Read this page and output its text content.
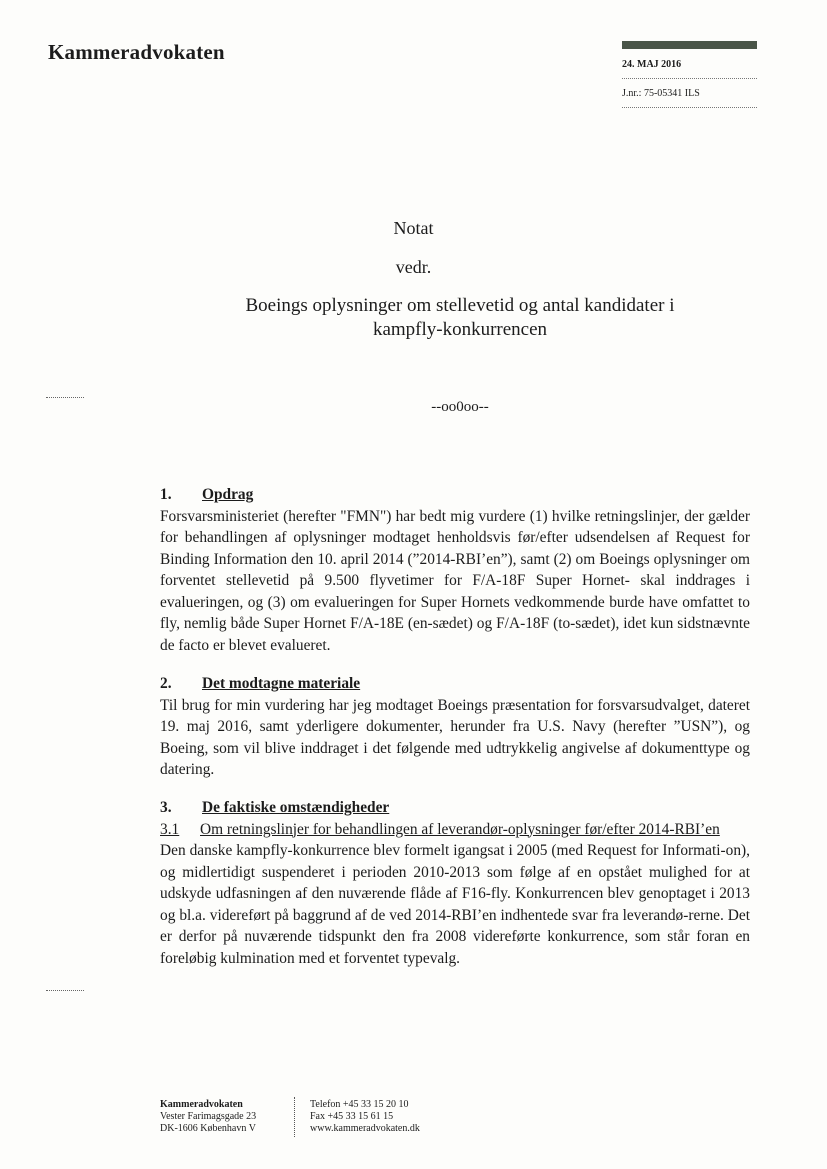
Kammeradvokaten
24. MAJ 2016
J.nr.: 75-05341 ILS
Notat
vedr.
Boeings oplysninger om stellevetid og antal kandidater i
kampfly-konkurrencen
--oo0oo--
1.	Opdrag

Forsvarsministeriet (herefter "FMN") har bedt mig vurdere (1) hvilke retningslinjer, der gælder for behandlingen af oplysninger modtaget henholdsvis før/efter udsendelsen af Request for Binding Information den 10. april 2014 (”2014-RBI’en”), samt (2) om Boeings oplysninger om forventet stellevetid på 9.500 flyvetimer for F/A-18F Super Hornet- skal inddrages i evalueringen, og (3) om evalueringen for Super Hornets vedkommende burde have omfattet to fly, nemlig både Super Hornet F/A-18E (en-sædet) og F/A-18F (to-sædet), idet kun sidstnævnte de facto er blevet evalueret.

2.	Det modtagne materiale

Til brug for min vurdering har jeg modtaget Boeings præsentation for forsvarsudvalget, dateret 19. maj 2016, samt yderligere dokumenter, herunder fra U.S. Navy (herefter ”USN”), og Boeing, som vil blive inddraget i det følgende med udtrykkelig angivelse af dokumenttype og datering.

3.	De faktiske omstændigheder
3.1	Om retningslinjer for behandlingen af leverandør-oplysninger før/efter 2014-RBI’en

Den danske kampfly-konkurrence blev formelt igangsat i 2005 (med Request for Informati-on), og midlertidigt suspenderet i perioden 2010-2013 som følge af en opstået mulighed for at udskyde udfasningen af den nuværende flåde af F16-fly. Konkurrencen blev genoptaget i 2013 og bl.a. videreført på baggrund af de ved 2014-RBI’en indhentede svar fra leverandø-rerne. Det er derfor på nuværende tidspunkt den fra 2008 videreførte konkurrence, som står foran en foreløbig kulmination med et forventet typevalg.

Kammeradvokaten
Vester Farimagsgade 23
DK-1606 København V
Telefon +45 33 15 20 10
Fax +45 33 15 61 15
www.kammeradvokaten.dk
